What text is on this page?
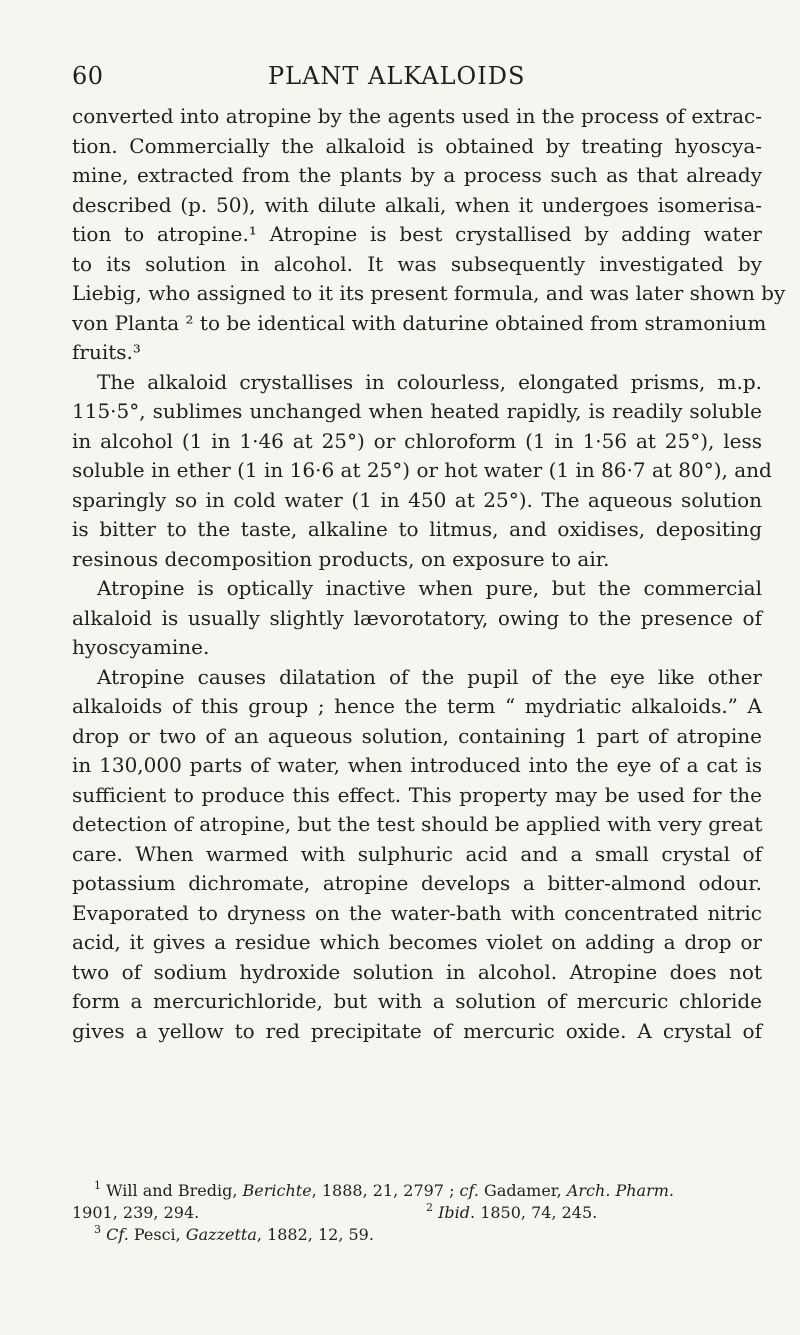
60	PLANT ALKALOIDS
converted into atropine by the agents used in the process of extrac-
tion. Commercially the alkaloid is obtained by treating hyoscya-
mine, extracted from the plants by a process such as that already
described (p. 50), with dilute alkali, when it undergoes isomerisa-
tion to atropine.¹ Atropine is best crystallised by adding water
to its solution in alcohol. It was subsequently investigated by
Liebig, who assigned to it its present formula, and was later shown by
von Planta ² to be identical with daturine obtained from stramonium
fruits.³
The alkaloid crystallises in colourless, elongated prisms, m.p.
115·5°, sublimes unchanged when heated rapidly, is readily soluble
in alcohol (1 in 1·46 at 25°) or chloroform (1 in 1·56 at 25°), less
soluble in ether (1 in 16·6 at 25°) or hot water (1 in 86·7 at 80°), and
sparingly so in cold water (1 in 450 at 25°). The aqueous solution
is bitter to the taste, alkaline to litmus, and oxidises, depositing
resinous decomposition products, on exposure to air.
Atropine is optically inactive when pure, but the commercial
alkaloid is usually slightly lævorotatory, owing to the presence of
hyoscyamine.
Atropine causes dilatation of the pupil of the eye like other
alkaloids of this group ; hence the term “ mydriatic alkaloids.” A
drop or two of an aqueous solution, containing 1 part of atropine
in 130,000 parts of water, when introduced into the eye of a cat is
sufficient to produce this effect. This property may be used for the
detection of atropine, but the test should be applied with very great
care. When warmed with sulphuric acid and a small crystal of
potassium dichromate, atropine develops a bitter-almond odour.
Evaporated to dryness on the water-bath with concentrated nitric
acid, it gives a residue which becomes violet on adding a drop or
two of sodium hydroxide solution in alcohol. Atropine does not
form a mercurichloride, but with a solution of mercuric chloride
gives a yellow to red precipitate of mercuric oxide. A crystal of
$^1$ Will and Bredig, Berichte, 1888, 21, 2797 ; cf. Gadamer, Arch. Pharm.
1901, 239, 294.	$^2$ Ibid. 1850, 74, 245.
$^3$ Cf. Pesci, Gazzetta, 1882, 12, 59.
